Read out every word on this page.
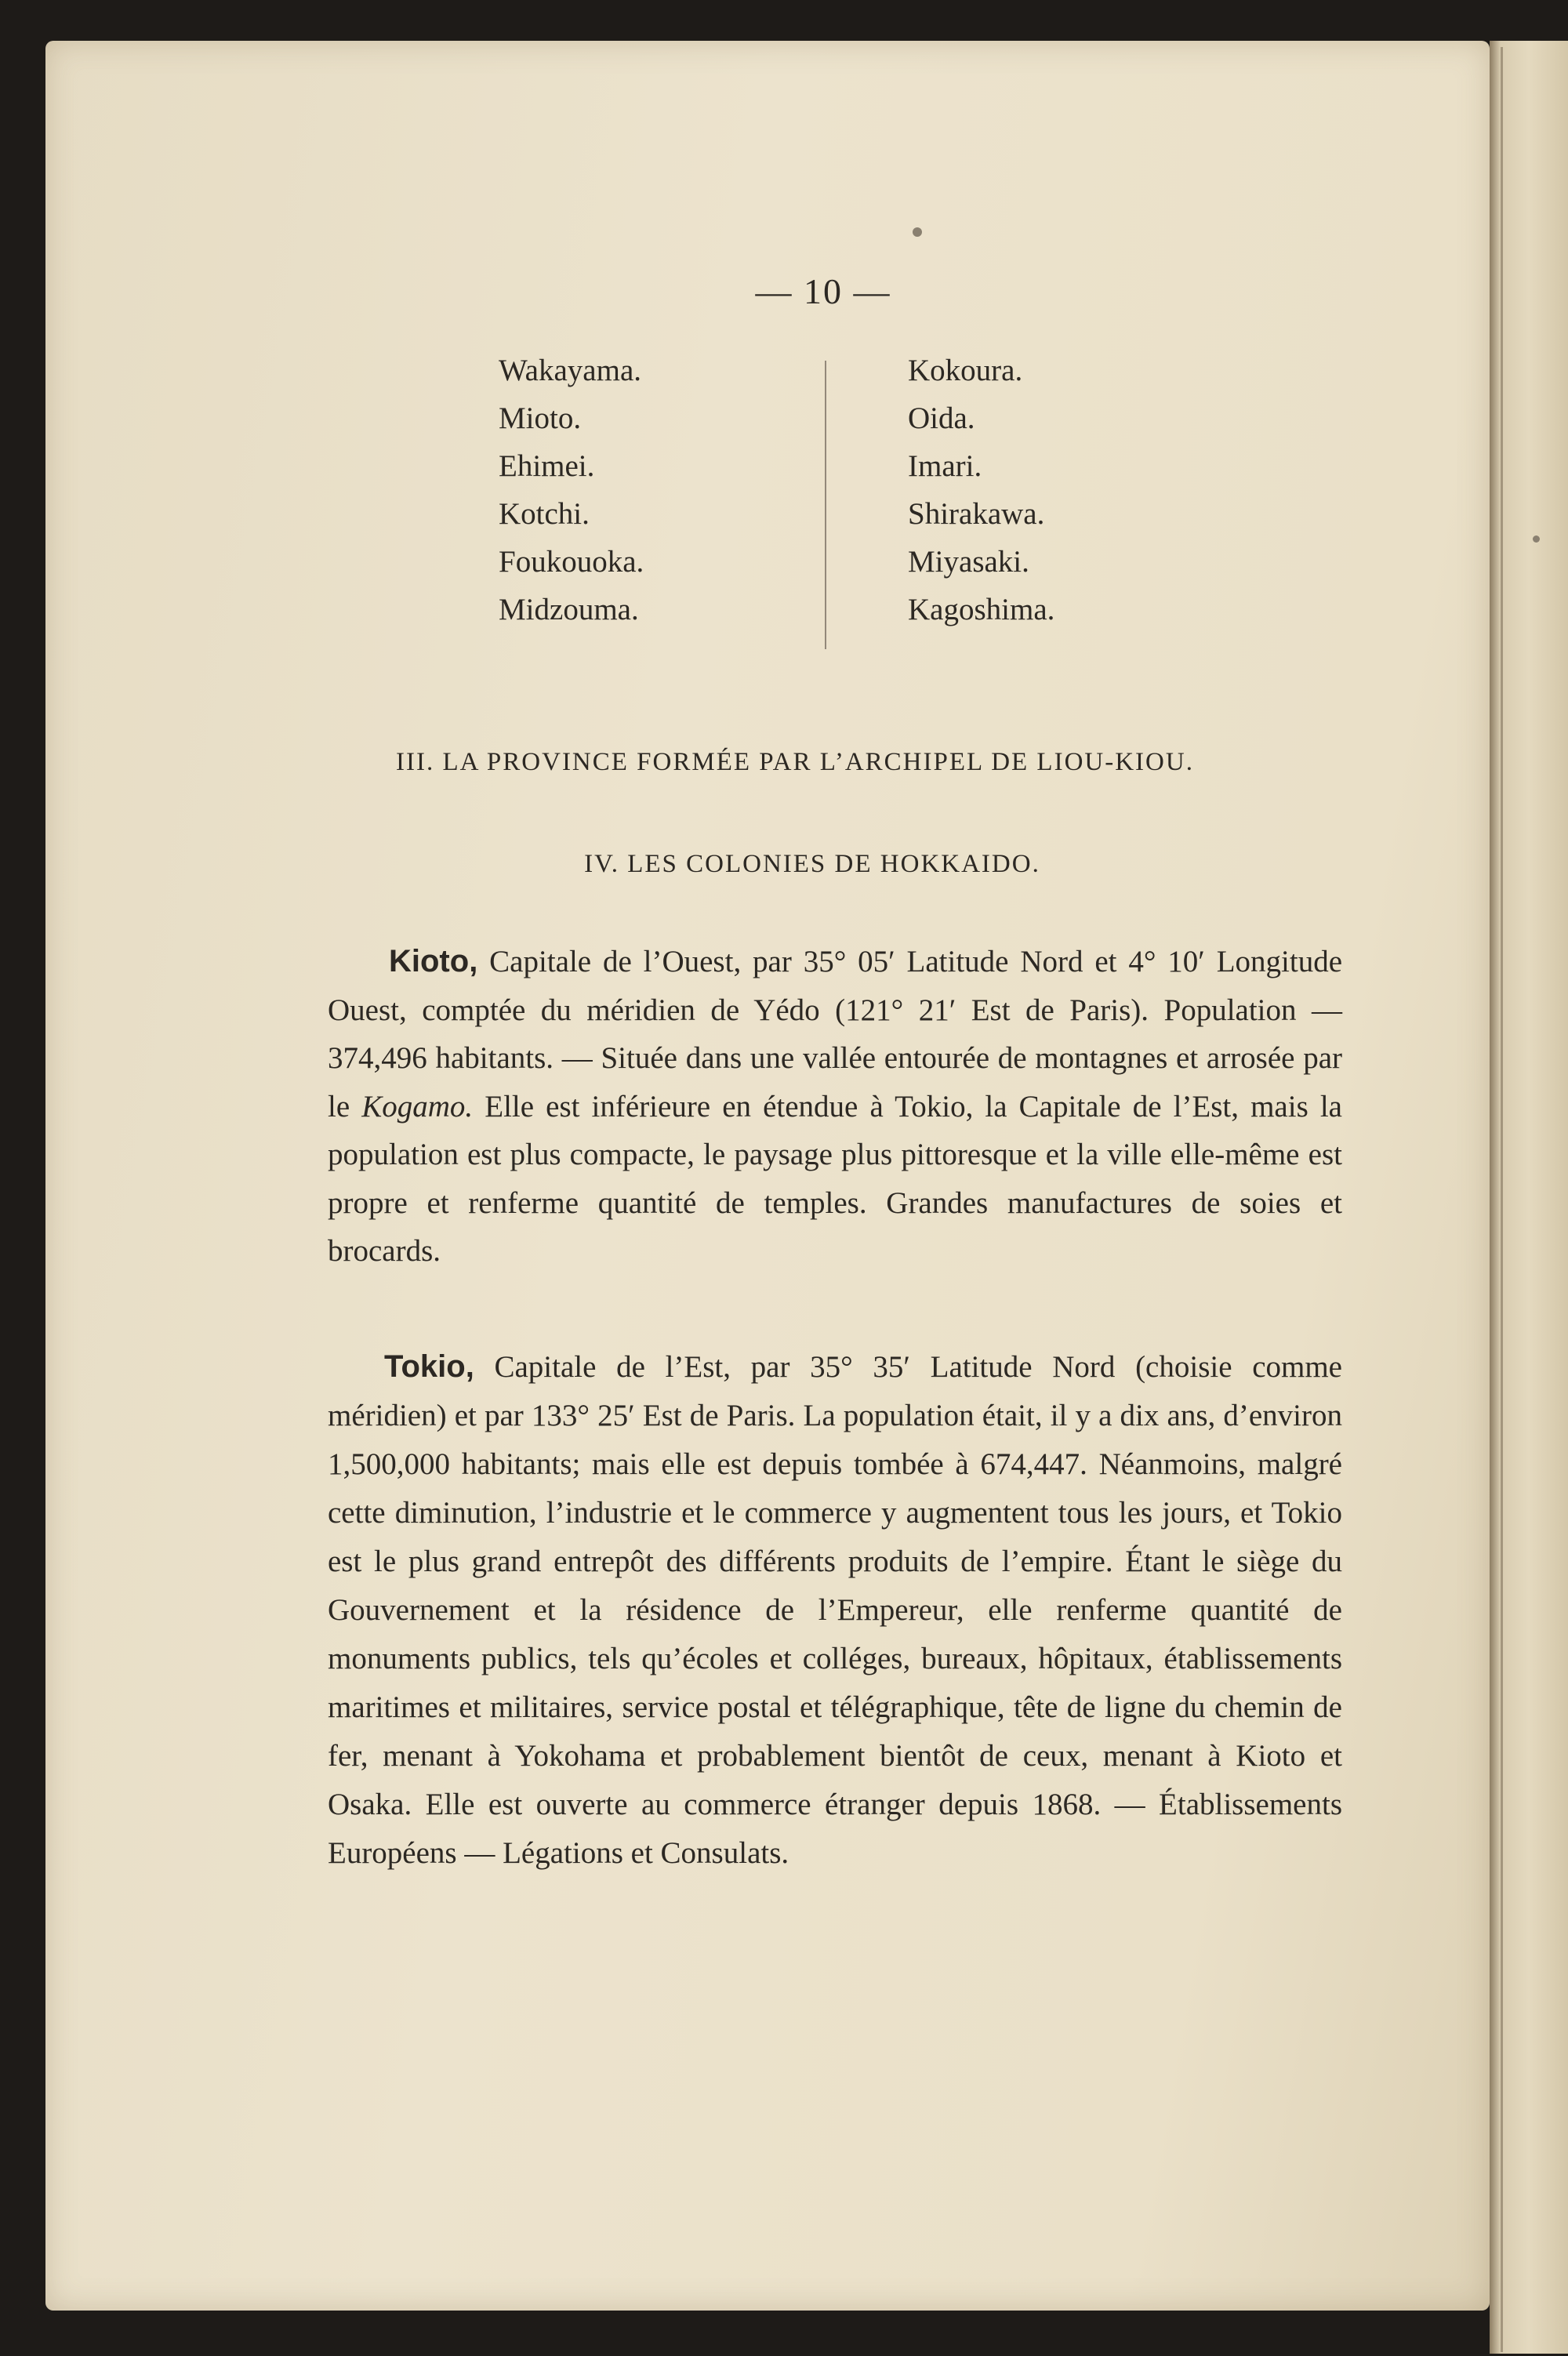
— 10 —
Wakayama.
Mioto.
Ehimei.
Kotchi.
Foukouoka.
Midzouma.
Kokoura.
Oida.
Imari.
Shirakawa.
Miyasaki.
Kagoshima.
III. LA PROVINCE FORMÉE PAR L’ARCHIPEL DE LIOU-KIOU.
IV. LES COLONIES DE HOKKAIDO.

Kioto, Capitale de l’Ouest, par 35° 05′ Latitude Nord et 4° 10′ Longitude Ouest, comptée du méridien de Yédo (121° 21′ Est de Paris). Population — 374,496 habitants. — Située dans une vallée entourée de montagnes et arrosée par le Kogamo. Elle est inférieure en étendue à Tokio, la Capitale de l’Est, mais la population est plus compacte, le paysage plus pittoresque et la ville elle-même est propre et renferme quantité de temples. Grandes manufactures de soies et brocards.

Tokio, Capitale de l’Est, par 35° 35′ Latitude Nord (choisie comme méridien) et par 133° 25′ Est de Paris. La population était, il y a dix ans, d’environ 1,500,000 habitants; mais elle est depuis tombée à 674,447. Néanmoins, malgré cette diminution, l’industrie et le commerce y augmentent tous les jours, et Tokio est le plus grand entrepôt des différents produits de l’empire. Étant le siège du Gouvernement et la résidence de l’Empereur, elle renferme quantité de monuments publics, tels qu’écoles et colléges, bureaux, hôpitaux, établissements maritimes et militaires, service postal et télégraphique, tête de ligne du chemin de fer, menant à Yokohama et probablement bientôt de ceux, menant à Kioto et Osaka. Elle est ouverte au commerce étranger depuis 1868. — Établissements Européens — Légations et Consulats.
